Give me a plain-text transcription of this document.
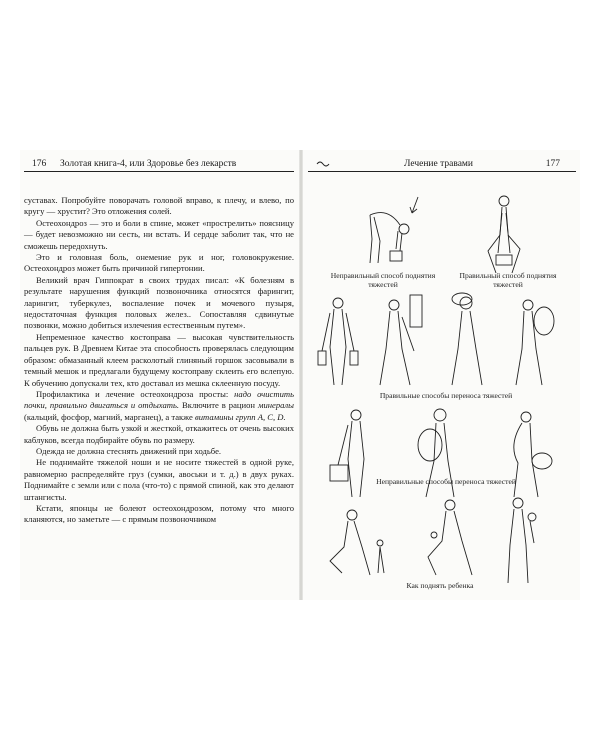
176 Золотая книга-4, или Здоровье без лекарств

суставах. Попробуйте поворачать головой вправо, к плечу, и влево, по кругу — хрустит? Это отложения солей.

Остеохондроз — это и боли в спине, может «прострелить» поясницу — будет невозможно ни сесть, ни встать. И сердце заболит так, что не сможешь передохнуть.

Это и головная боль, онемение рук и ног, головокружение. Остеохондроз может быть причиной гипертонии.

Великий врач Гиппократ в своих трудах писал: «К болезням в результате нарушения функций позвоночника относятся фарингит, ларингит, туберкулез, воспаление почек и мочевого пузыря, недостаточная функция половых желез.. Сопоставляя сдвинутые позвонки, можно добиться излечения естественным путем».

Непременное качество костоправа — высокая чувствительность пальцев рук. В Древнем Китае эта способность проверялась следующим образом: обмазанный клеем расколотый глиняный горшок засовывали в темный мешок и предлагали будущему костоправу склеить его вслепую. К обучению допускали тех, кто доставал из мешка склеенную посуду.

Профилактика и лечение остеохондроза просты: надо очистить почки, правильно двигаться и отдыхать. Включите в рацион минералы (кальций, фосфор, магний, марганец), а также витамины групп А, С, D.

Обувь не должна быть узкой и жесткой, откажитесь от очень высоких каблуков, всегда подбирайте обувь по размеру.

Одежда не должна стеснять движений при ходьбе.

Не поднимайте тяжелой ноши и не носите тяжестей в одной руке, равномерно распределяйте груз (сумки, авоськи и т. д.) в двух руках. Поднимайте с земли или с пола (что-то) с прямой спиной, как это делают штангисты.

Кстати, японцы не болеют остеохондрозом, потому что много кланяются, но заметьте — с прямым позвоночником

Лечение травами	177
Неправильный способ поднятия тяжестей
Правильный способ поднятия тяжестей
Правильные способы переноса тяжестей
Неправильные способы переноса тяжестей
Как поднять ребенка
